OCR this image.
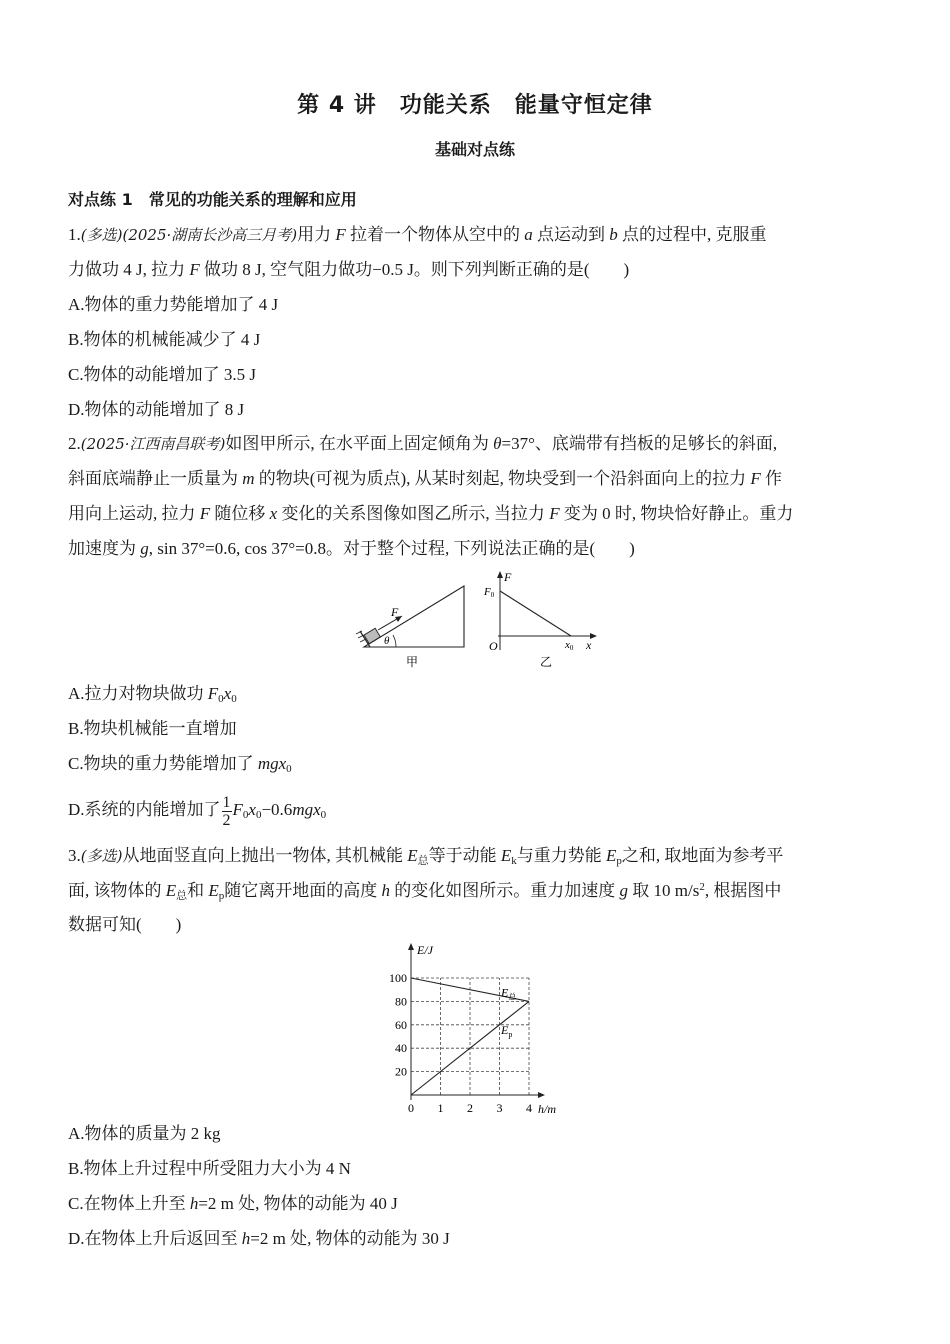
第 4 讲　功能关系　能量守恒定律
基础对点练
对点练 1　常见的功能关系的理解和应用
1.(多选)(2025·湖南长沙高三月考)用力 F 拉着一个物体从空中的 a 点运动到 b 点的过程中, 克服重
力做功 4 J, 拉力 F 做功 8 J, 空气阻力做功−0.5 J。则下列判断正确的是(　　)
A.物体的重力势能增加了 4 J
B.物体的机械能减少了 4 J
C.物体的动能增加了 3.5 J
D.物体的动能增加了 8 J
2.(2025·江西南昌联考)如图甲所示, 在水平面上固定倾角为 θ=37°、底端带有挡板的足够长的斜面,
斜面底端静止一质量为 m 的物块(可视为质点), 从某时刻起, 物块受到一个沿斜面向上的拉力 F 作
用向上运动, 拉力 F 随位移 x 变化的关系图像如图乙所示, 当拉力 F 变为 0 时, 物块恰好静止。重力
加速度为 g, sin 37°=0.6, cos 37°=0.8。对于整个过程, 下列说法正确的是(　　)
F
θ
甲
F
F0
O	x0 x
乙
A.拉力对物块做功 $F_0x_0$
B.物块机械能一直增加
C.物块的重力势能增加了 mgx$_0$
D.系统的内能增加了 $\frac{1}{2} F_0x_0-0.6mgx_0$
3.(多选)从地面竖直向上抛出一物体, 其机械能 $E_总$等于动能 $E_k$与重力势能 $E_p$之和, 取地面为参考平
面, 该物体的 $E_总$和 $E_p$随它离开地面的高度 h 的变化如图所示。重力加速度 g 取 10 $m/s^2$, 根据图中
数据可知(　　)
E/J
h/m
20
40
60
80
100
0 1 2 3 4
$E_总$
$E_p$
A.物体的质量为 2 kg
B.物体上升过程中所受阻力大小为 4 N
C.在物体上升至 h=2 m 处, 物体的动能为 40 J
D.在物体上升后返回至 h=2 m 处, 物体的动能为 30 J
